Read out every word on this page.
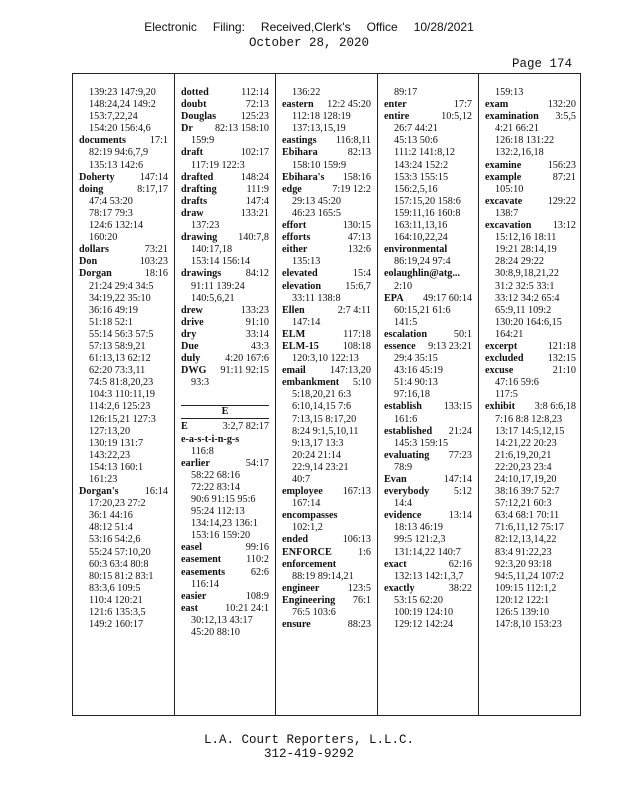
Electronic Filing: Received,Clerk's Office 10/28/2021
October 28, 2020
Page 174
139:23 147:9,20
148:24,24 149:2
153:7,22,24
154:20 156:4,6
documents 17:1
82:19 94:6,7,9
135:13 142:6
Doherty 147:14
doing	8:17,17
47:4 53:20
78:17 79:3
124:6 132:14
160:20
dollars	73:21
Don	103:23
Dorgan	18:16
21:24 29:4 34:5
34:19,22 35:10
36:16 49:19
51:18 52:1
55:14 56:3 57:5
57:13 58:9,21
61:13,13 62:12
62:20 73:3,11
74:5 81:8,20,23
104:3 110:11,19
114:2,6 125:23
126:15,21 127:3
127:13,20
130:19 131:7
143:22,23
154:13 160:1
161:23
Dorgan's	16:14
17:20,23 27:2
36:1 44:16
48:12 51:4
53:16 54:2,6
55:24 57:10,20
60:3 63:4 80:8
80:15 81:2 83:1
83:3,6 109:5
110:4 120:21
121:6 135:3,5
149:2 160:17
dotted	112:14
doubt	72:13
Douglas 125:23
Dr 82:13 158:10
159:9
draft	102:17
117:19 122:3
drafted	148:24
drafting	111:9
drafts	147:4
draw	133:21
137:23
drawing 140:7,8
140:17,18
153:14 156:14
drawings 84:12
91:11 139:24
140:5,6,21
drew	133:23
drive	91:10
dry	33:14
Due	43:3
duly 4:20 167:6
DWG 91:11 92:15
93:3

E
E	3:2,7 82:17
e-a-s-t-i-n-g-s
116:8
earlier	54:17
58:22 68:16
72:22 83:14
90:6 91:15 95:6
95:24 112:13
134:14,23 136:1
153:16 159:20
easel	99:16
easement 110:2
easements	62:6
116:14
easier	108:9
east	10:21 24:1
30:12,13 43:17
45:20 88:10
136:22
eastern 12:2 45:20
112:18 128:19
137:13,15,19
eastings 116:8,11
Ebihara	82:13
158:10 159:9
Ebihara's 158:16
edge	7:19 12:2
29:13 45:20
46:23 165:5
effort	130:15
efforts	47:13
either	132:6
135:13
elevated	15:4
elevation 15:6,7
33:11 138:8
Ellen	2:7 4:11
147:14
ELM	117:18
ELM-15 108:18
120:3,10 122:13
email 147:13,20
embankment 5:10
5:18,20,21 6:3
6:10,14,15 7:6
7:13,15 8:17,20
8:24 9:1,5,10,11
9:13,17 13:3
20:24 21:14
22:9,14 23:21
40:7
employee 167:13
167:14
encompasses
102:1,2
ended	106:13
ENFORCE	1:6
enforcement
88:19 89:14,21
engineer	123:5
Engineering 76:1
76:5 103:6
ensure	88:23
89:17
enter	17:7
entire	10:5,12
26:7 44:21
45:13 50:6
111:2 141:8,12
143:24 152:2
153:3 155:15
156:2,5,16
157:15,20 158:6
159:11,16 160:8
163:11,13,16
164:10,22,24
environmental
86:19,24 97:4
eolaughlin@atg...
2:10
EPA 49:17 60:14
60:15,21 61:6
141:5
escalation	50:1
essence 9:13 23:21
29:4 35:15
43:16 45:19
51:4 90:13
97:16,18
establish 133:15
161:6
established 21:24
145:3 159:15
evaluating 77:23
78:9
Evan	147:14
everybody 5:12
14:4
evidence	13:14
18:13 46:19
99:5 121:2,3
131:14,22 140:7
exact	62:16
132:13 142:1,3,7
exactly	38:22
53:15 62:20
100:19 124:10
129:12 142:24
159:13
exam	132:20
examination 3:5,5
4:21 66:21
126:18 131:22
132:2,16,18
examine	156:23
example	87:21
105:10
excavate 129:22
138:7
excavation 13:12
15:12,16 18:11
19:21 28:14,19
28:24 29:22
30:8,9,18,21,22
31:2 32:5 33:1
33:12 34:2 65:4
65:9,11 109:2
130:20 164:6,15
164:21
excerpt	121:18
excluded 132:15
excuse	21:10
47:16 59:6
117:5
exhibit 3:8 6:6,18
7:16 8:8 12:8,23
13:17 14:5,12,15
14:21,22 20:23
21:6,19,20,21
22:20,23 23:4
24:10,17,19,20
38:16 39:7 52:7
57:12,21 60:3
63:4 68:1 70:11
71:6,11,12 75:17
82:12,13,14,22
83:4 91:22,23
92:3,20 93:18
94:5,11,24 107:2
109:15 112:1,2
120:12 122:1
126:5 139:10
147:8,10 153:23
L.A. Court Reporters, L.L.C.
312-419-9292
